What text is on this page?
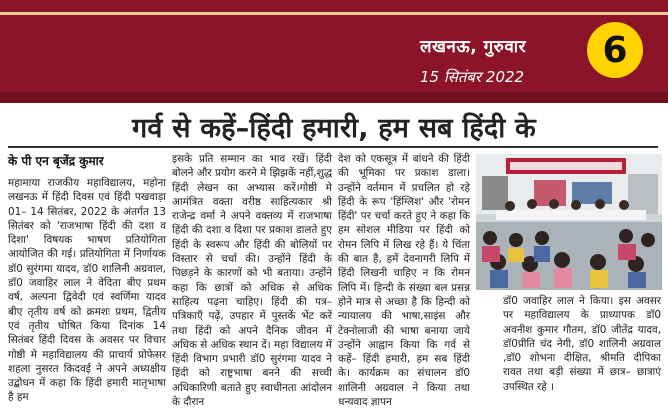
लखनऊ, गुरुवार
15 सितंबर 2022
6
गर्व से कहें–हिंदी हमारी, हम सब हिंदी के
के पी एन बृजेंद्र कुमार
महामाया राजकीय महाविद्यालय, महोना लखनऊ में हिंदी दिवस एवं हिंदी पखवाड़ा 01– 14 सितंबर, 2022 के अंतर्गत 13 सितंबर को 'राजभाषा हिंदी की दशा व दिशा' विषयक भाषण प्रतियोगिता आयोजित की गई। प्रतियोगिता में निर्णायक डॉ0 सुरंगमा यादव, डॉ0 शालिनी अग्रवाल, डॉ0 जवाहिर लाल ने वेदिता बीए प्रथम वर्ष, अल्पना द्विवेदी एवं स्वर्णिमा यादव बीए तृतीय वर्ष को क्रमशः प्रथम, द्वितीय एवं तृतीय घोषित किया दिनांक 14 सितंबर हिंदी दिवस के अवसर पर विचार गोष्ठी मे महाविद्यालय की प्राचार्य प्रोफेसर शहला नुसरत किदवई ने अपने अध्यक्षीय उद्बोधन में कहा कि हिंदी हमारी मातृभाषा है हम
इसके प्रति सम्मान का भाव रखें। हिंदी बोलने और प्रयोग करने मे झिझकें नहीं,शुद्ध हिंदी लेखन का अभ्यास करें।गोष्ठी मे आमंत्रित वक्ता वरीष्ठ साहित्यकार श्री राजेन्द्र वर्मा ने अपने वक्तव्य में राजभाषा हिंदी की दशा व दिशा पर प्रकाश डालते हुए हिंदी के स्वरूप और हिंदी की बोलियों पर विस्तार से चर्चा की। उन्होंने हिंदी के पिछड़ने के कारणों को भी बताया। उन्होंने कहा कि छात्रों को अधिक से अधिक साहित्य पढ़ना चाहिए। हिंदी की पत्र– पत्रिकाएँ पढ़ें, उपहार में पुस्तकें भेंट करें तथा हिंदी को अपने दैनिक जीवन में अधिक से अधिक स्थान दें। महा विद्यालय में हिंदी विभाग प्रभारी डॉ0 सुरंगमा यादव ने हिंदी को राष्ट्रभाषा बनने की सच्ची अधिकारिणी बताते हुए स्वाधीनता आंदोलन के दौरान
देश को एकसूत्र में बांधने की हिंदी की भूमिका पर प्रकाश डाला। उन्होंने वर्तमान में प्रचलित हो रहे हिंदी के रूप 'हिंग्लिश' और 'रोमन हिंदी' पर चर्चा करते हुए ने कहा कि हम सोशल मीडिया पर हिंदी को रोमन लिपि में लिख रहे हैं। ये चिंता की बात है, हमें देवनागरी लिपि में हिंदी लिखनी चाहिए न कि रोमन लिपि में। हिन्दी के संख्या बल प्रसन्न होने मात्र से अच्छा है कि हिन्दी को न्यायालय की भाषा,साइंस और टेक्नोलाजी की भाषा बनाया जाये उन्होंने आह्वान किया कि गर्व से कहें– हिंदी हमारी, हम सब हिंदी के। कार्यक्रम का संचालन डॉ0 शालिनी अग्रवाल ने किया तथा धन्यवाद ज्ञापन
डॉ0 जवाहिर लाल ने किया। इस अवसर पर महाविद्यालय के प्राध्यापक डॉ0 अवनीश कुमार गौतम, डॉ0 जीतेंद्र यादव, डॉ0प्रीति चंद नेगी, डॉ0 शालिनी अग्रवाल ,डॉ0 शोभना दीक्षित, श्रीमति दीपिका रावत तथा बड़ी संख्या में छात्र– छात्राएं उपस्थित रहे ।
